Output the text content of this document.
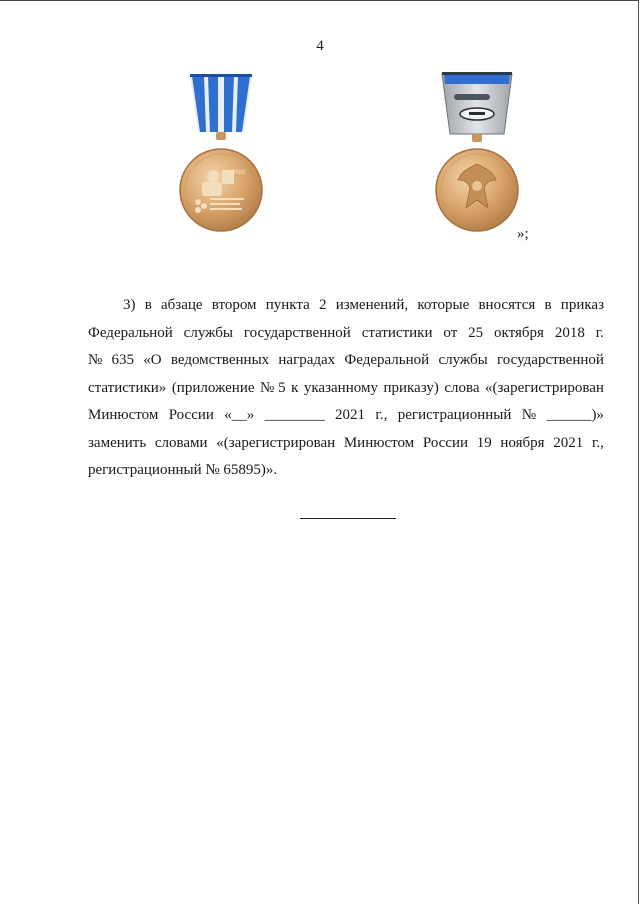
4
2020
»;
3) в абзаце втором пункта 2 изменений, которые вносятся в приказ
Федеральной службы государственной статистики от 25 октября 2018 г.
№ 635 «О ведомственных наградах Федеральной службы государственной
статистики» (приложение № 5 к указанному приказу) слова «(зарегистрирован
Минюстом России «__» ________ 2021 г., регистрационный № ______)»
заменить словами «(зарегистрирован Минюстом России 19 ноября 2021 г.,
регистрационный № 65895)».
